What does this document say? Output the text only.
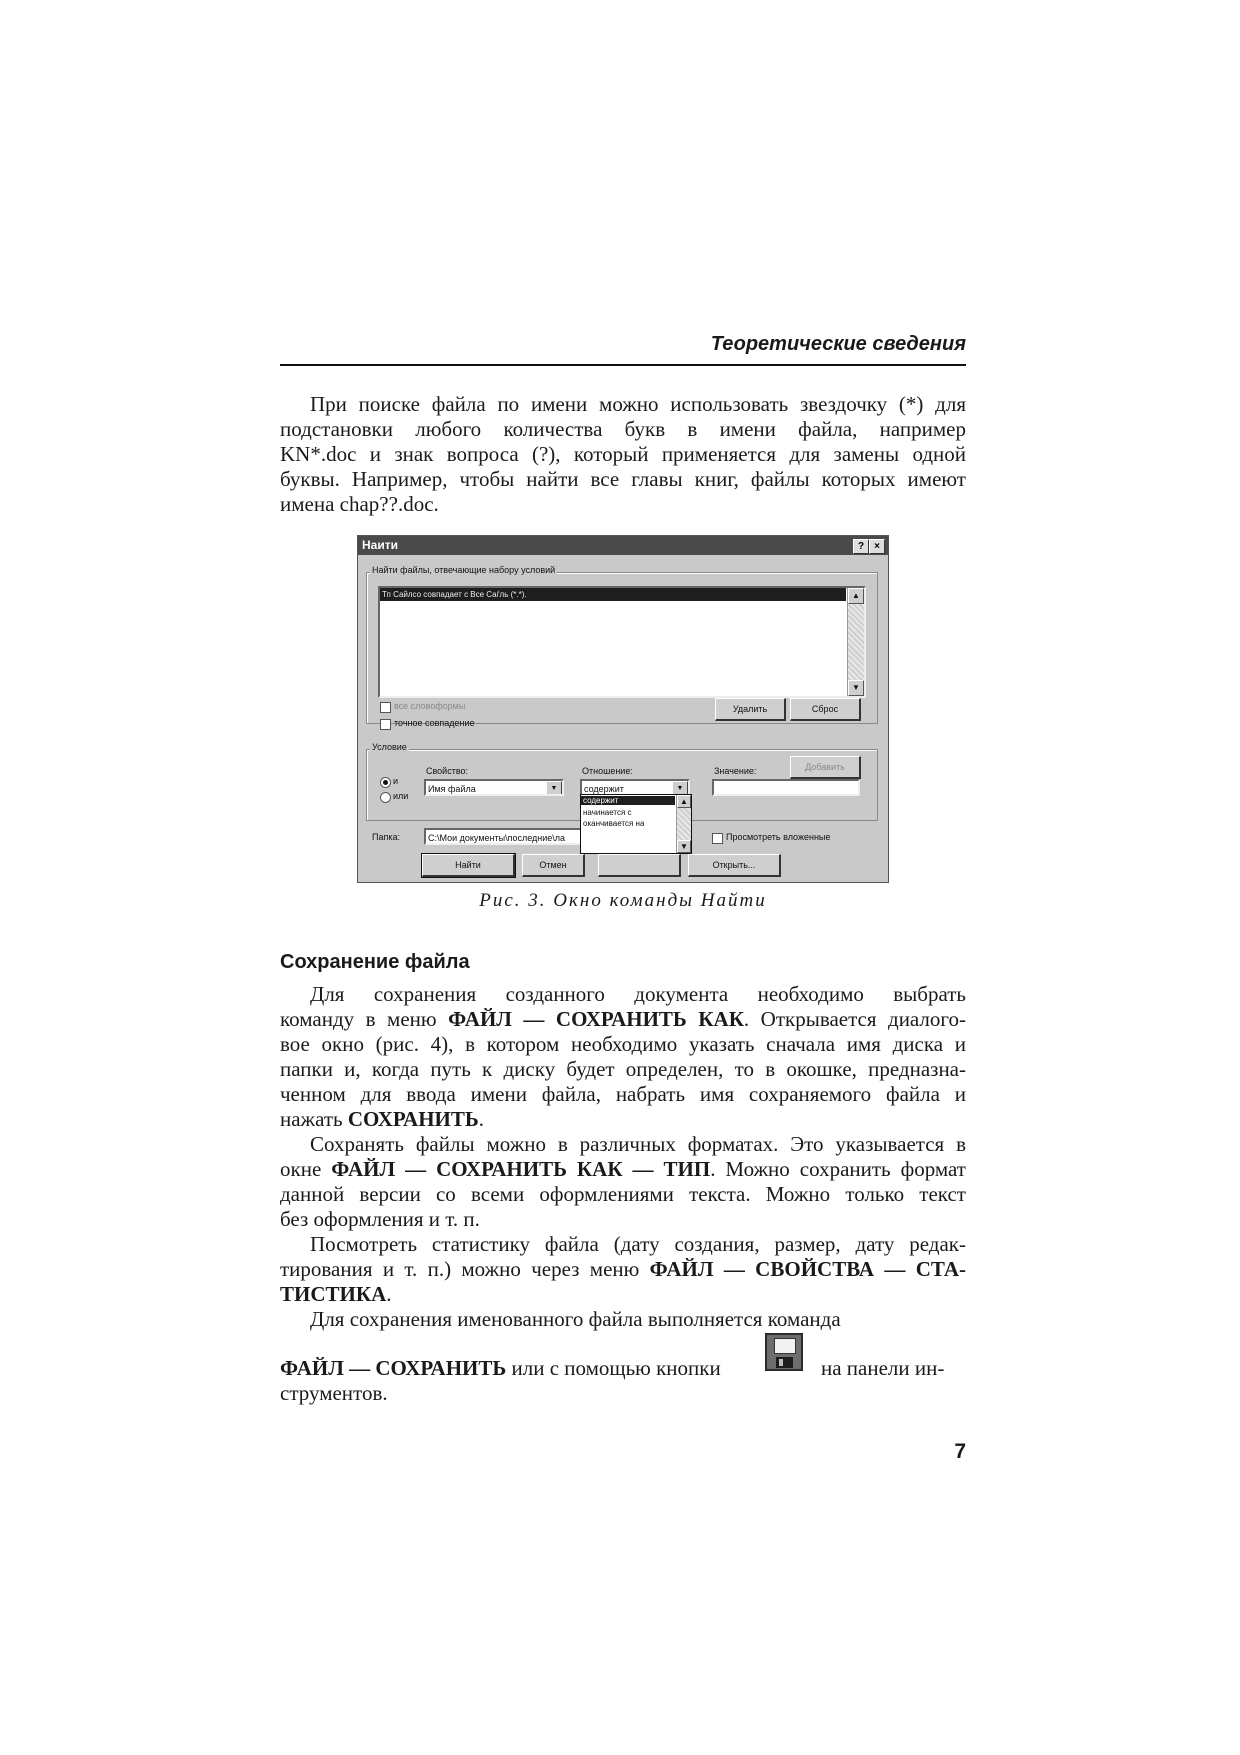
Теоретические сведения
При поиске файла по имени можно использовать звездочку (*) для
подстановки любого количества букв в имени файла, например
KN*.doc и знак вопроса (?), который применяется для замены одной
буквы. Например, чтобы найти все главы книг, файлы которых имеют
имена chap??.doc.
Наити	?	×
Найти файлы, отвечающие набору условий
Тп Сайлсо совпадает с Все Саѓль (*.*).	▲
▼
все словоформы
точное совпадение
Удалить	Сброс
Условие
Добавить
и
или
Свойство:
Имя файла	▼
Отношение:
содержит	▼
Значение:
Папка:	C:\Мои документы\последние\ла	Просмотреть вложенные
Найти	Отмен	Открыть...
содержит
начинается с
оканчивается на
▲
▼
Рис. 3. Окно команды Найти
Сохранение файла
Для сохранения созданного документа необходимо выбрать
команду в меню ФАЙЛ — СОХРАНИТЬ КАК. Открывается диалого-
вое окно (рис. 4), в котором необходимо указать сначала имя диска и
папки и, когда путь к диску будет определен, то в окошке, предназна-
ченном для ввода имени файла, набрать имя сохраняемого файла и
нажать СОХРАНИТЬ.
Сохранять файлы можно в различных форматах. Это указывается в
окне ФАЙЛ — СОХРАНИТЬ КАК — ТИП. Можно сохранить формат
данной версии со всеми оформлениями текста. Можно только текст
без оформления и т. п.
Посмотреть статистику файла (дату создания, размер, дату редак-
тирования и т. п.) можно через меню ФАЙЛ — СВОЙСТВА — СТА-
ТИСТИКА.
Для сохранения именованного файла выполняется команда
ФАЙЛ — СОХРАНИТЬ или с помощью кнопки	на панели ин-
струментов.
7
